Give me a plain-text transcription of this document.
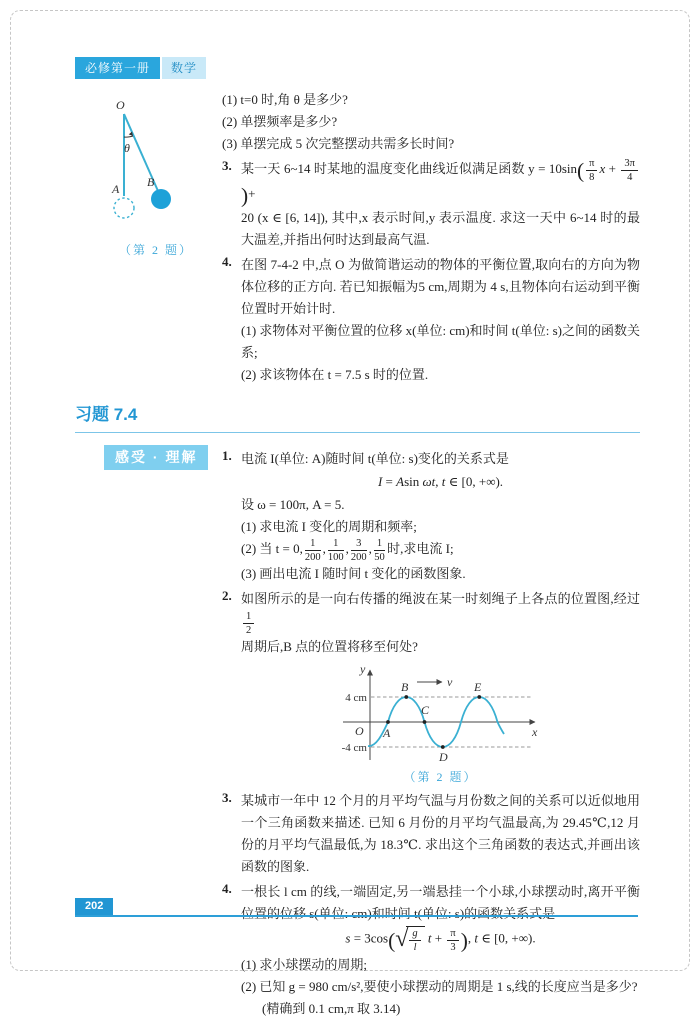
必修第一册	数学
O
θ
A B
（第 2 题）
(1) t=0 时,角 θ 是多少?
(2) 单摆频率是多少?
(3) 单摆完成 5 次完整摆动共需多长时间?
3. 某一天 6~14 时某地的温度变化曲线近似满足函数 $y = 10\sin( \frac{\pi}{8}$ $x + \frac{3\pi}{4}$
)+
20 (x ∈ [6, 14]), 其中,x 表示时间,y 表示温度. 求这一天中 6~14 时的最大温差,并指出何时达到最高气温.
4. 在图 7-4-2 中,点 O 为做简谐运动的物体的平衡位置,取向右的方向为物体位移的正方向. 若已知振幅为5 cm,周期为 4 s,且物体向右运动到平衡位置时开始计时.
(1) 求物体对平衡位置的位移 x(单位: cm)和时间 t(单位: s)之间的函数关系;
(2) 求该物体在 t = 7.5 s 时的位置.
习题 7.4
感受 · 理解	1. 电流 I(单位: A)随时间 t(单位: s)变化的关系式是
I = Asin ωt, t ∈ [0, +∞).
设 ω = 100π, A = 5.
(1) 求电流 I 变化的周期和频率;
(2) 当 t = 0, $\frac{1}{200}$ , $\frac{1}{100}$ , $\frac{3}{200}$ , $\frac{1}{50}$ 时,求电流 I;
(3) 画出电流 I 随时间 t 变化的函数图象.
2. 如图所示的是一向右传播的绳波在某一时刻绳子上各点的位置图,经过
$\frac{1}{2}$
周期后,B 点的位置将移至何处?
x
y
O
4 cm
-4 cm
v
A
B
C
D
E
（第 2 题）
3. 某城市一年中 12 个月的月平均气温与月份数之间的关系可以近似地用一个三角函数来描述. 已知 6 月份的月平均气温最高,为 29.45℃,12 月份的月平均气温最低,为 18.3℃. 求出这个三角函数的表达式,并画出该函数的图象.
4. 一根长 l cm 的线,一端固定,另一端悬挂一个小球,小球摆动时,离开平衡位置的位移 s(单位: cm)和时间 t(单位: s)的函数关系式是
s = 3cos( √ $\frac{g}{l}$ $t + \frac{\pi}{3}$ ), t ∈ [0, +∞).
(1) 求小球摆动的周期;
(2) 已知 g = 980 cm/s²,要使小球摆动的周期是 1 s,线的长度应当是多少?
(精确到 0.1 cm,π 取 3.14)
202
